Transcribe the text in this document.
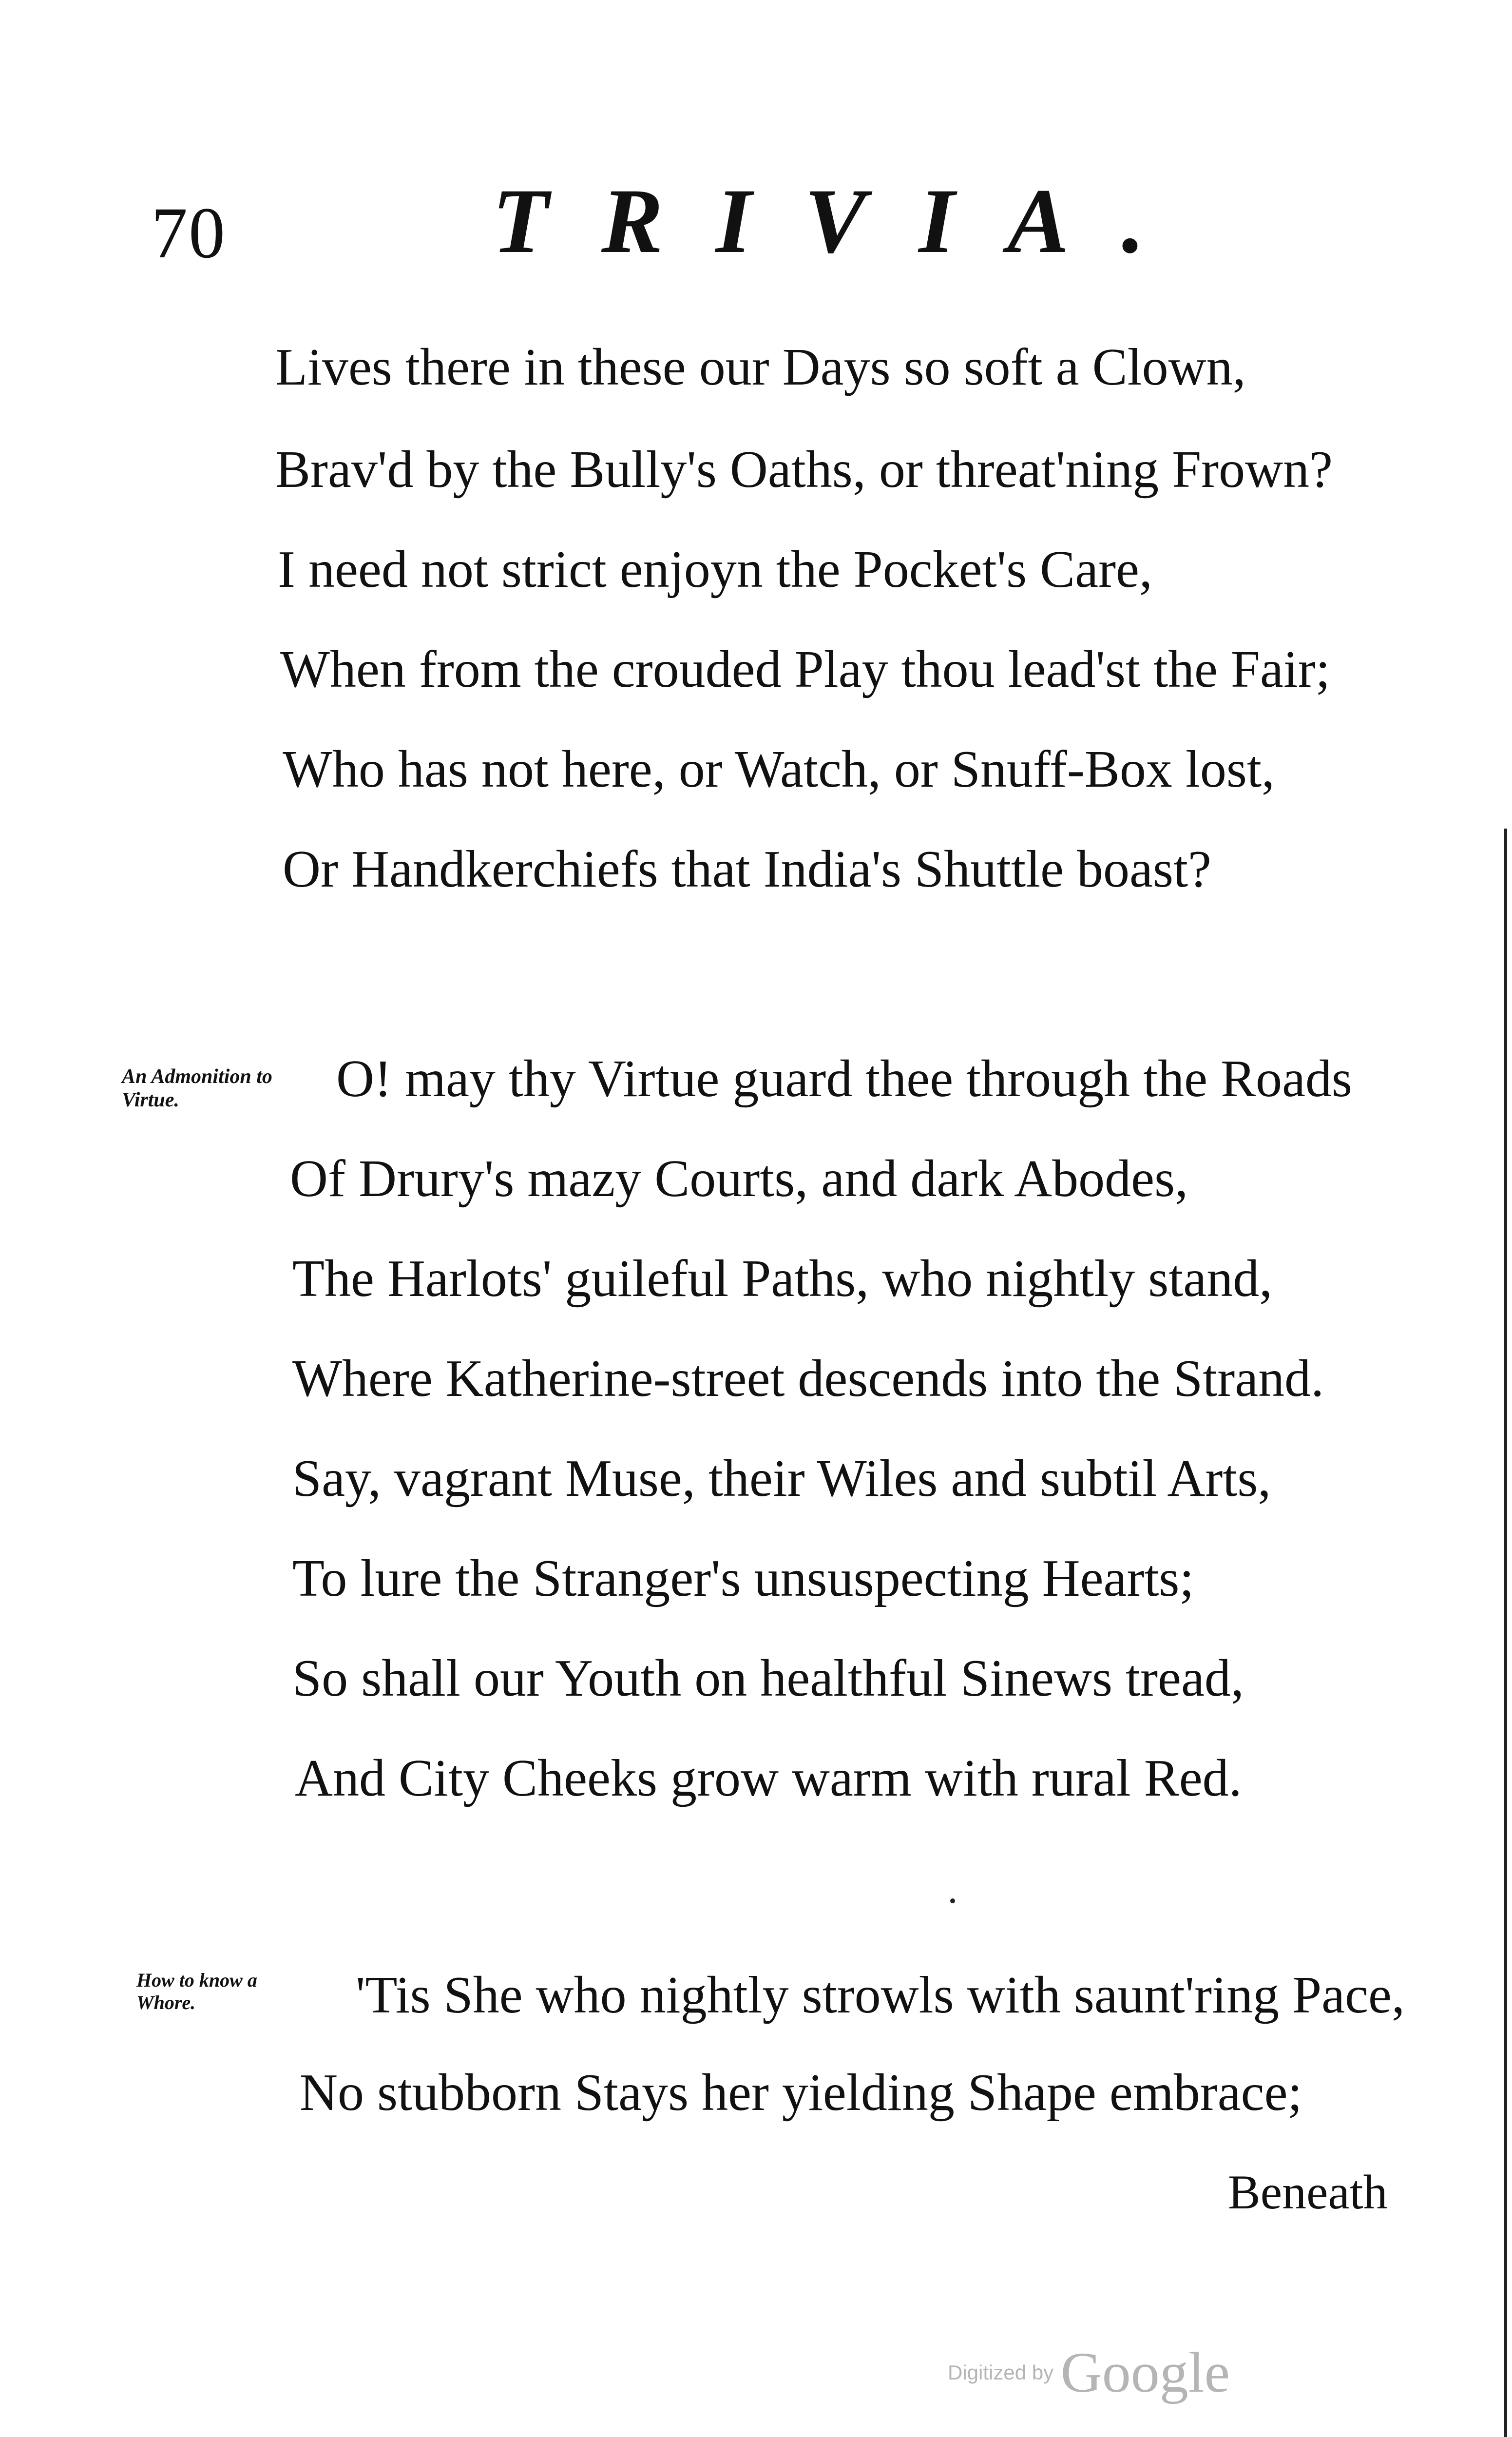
70	TRIVIA.
Lives there in these our Days so soft a Clown,
Brav'd by the Bully's Oaths, or threat'ning Frown?
I need not strict enjoyn the Pocket's Care,
When from the crouded Play thou lead'st the Fair;
Who has not here, or Watch, or Snuff-Box lost,
Or Handkerchiefs that India's Shuttle boast?
An Admonition to Virtue.	O! may thy Virtue guard thee through the Roads
Of Drury's mazy Courts, and dark Abodes,
The Harlots' guileful Paths, who nightly stand,
Where Katherine-street descends into the Strand.
Say, vagrant Muse, their Wiles and subtil Arts,
To lure the Stranger's unsuspecting Hearts;
So shall our Youth on healthful Sinews tread,
And City Cheeks grow warm with rural Red.
How to know a Whore.	'Tis She who nightly strowls with saunt'ring Pace,
No stubborn Stays her yielding Shape embrace;
Beneath
Digitized by Google
